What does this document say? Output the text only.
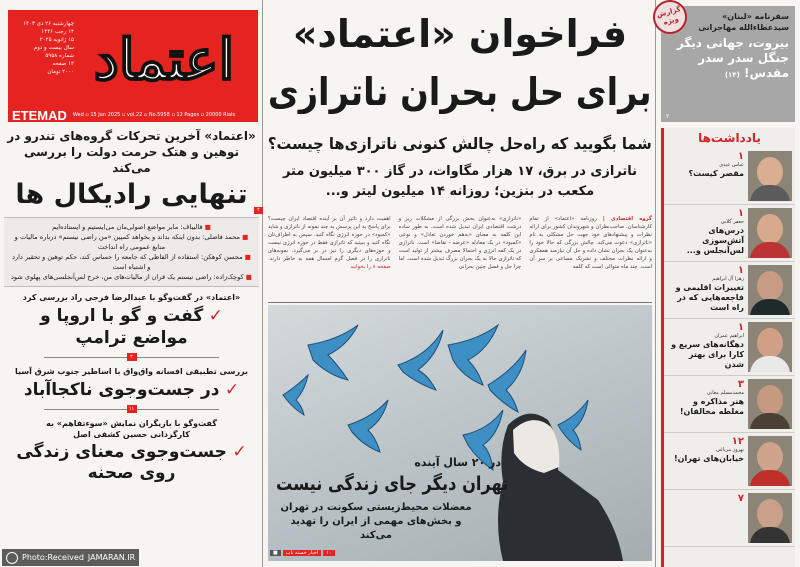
اعتماد
چهارشنبه ۲۶ دی ۱۴۰۳
۱۴ رجب ۱۴۴۶
۱۵ ژانویه ۲۰۲۵
سال بیست و دوم
شماره ۵۹۵۸
۱۲ صفحه
۲۰۰۰ تومان
ETEMAD Wed ▫ 15 Jan 2025 ▫ vol.22 ▫ No.5958 ▫ 12 Pages ▫ 20000 Rials
«اعتماد» آخرین تحرکات گروه‌های تندرو در توهین و هتک حرمت دولت را بررسی می‌کند
تنهایی رادیکال ها	۲
■ قالیباف: مابر مواضع اصولی‌مان می‌ایستیم و ایستاده‌ایم
■ محمد فاضلی: بدون اینکه بداند و بخواهد کمپین «من راضی نیستم» درباره مالیات و منابع عمومی را‌ه انداخت
■ محسن کوهکن: استفاده از الفاظی که جامعه را حساس کند، حکم توهین و تحقیر دارد و اشتباه است
■ کوچک‌زاده: راضی نیستم یک قران از مالیات‌های من، خرج لس‌آنجلسی‌های پهلوی شود
«اعتماد» در گفت‌وگو با عبدالرضا فرجی راد بررسی کرد
✓ گفت و گو با اروپا و مواضع ترامپ
۲
بررسی تطبیقی افسانه واق‌واق با اساطیر جنوب شرق آسیا
✓ در جست‌وجوی ناکجاآباد
۱۱
گفت‌وگو با بازیگران نمایش «سوءتفاهم» به کارگردانی حسین کشفی اصل
✓ جست‌وجوی معنای زندگی روی صحنه
فراخوان «اعتماد»
برای حل بحران ناترازی
شما بگویید که راه‌حل چالش کنونی ناترازی‌ها چیست؟
ناترازی در برق، ۱۷ هزار مگاوات، در گاز ۳۰۰ میلیون متر مکعب در بنزین؛ روزانه ۱۴ میلیون لیتر و...
گروه اقتصادی | روزنامه «اعتماد» از تمام کارشناسان، صاحب‌نظران و شهروندان کشور برای ارائه نظرات و پیشنهادهای خود جهت حل مشکلی به نام «ناترازی» دعوت می‌کند. چالش بزرگی که حالا خود را به‌عنوان یک بحران نشان داده و حل آن نیازمند همفکری و ارائه نظرات مختلف و تشریک مساعی بر سر آن است. چند ماه متوالی است که کلمه
«ناترازی» به‌عنوان بخش بزرگی از مشکلات ریز و درشت اقتصادی ایران تبدیل شده است. به طور ساده این کلمه به معنای «به‌هم خوردن تعادل» و نوعی «کمبود» در یک معادله «عرضه - تقاضا» است. ناترازی در یک کفه انرژی و احتمالا مصرف بیشتر از تولید است که ناترازی حالا به یک بحران بزرگ تبدیل شده است. اما چرا حل و فصل چنین بحرانی
اهمیت دارد و تاثیر آن بر آینده اقتصاد ایران چیست؟ برای پاسخ به این پرسش به چند نمونه از ناترازی و شاید «کمبود» در حوزه انرژی نگاه کنید. سپس به اطراف‌تان نگاه کنید و ببینید که ناترازی فقط در حوزه انرژی نیست و حوزه‌های دیگری را نیز در بر می‌گیرد. نمونه‌های ناترازی را در فصل گرم امسال همه به خاطر دارند. صفحه ۸ را بخوانید
در ۲۰ سال آینده
تهران دیگر جای زندگی نیست
معضلات محیط‌زیستی سکونت در تهران و بخش‌های مهمی از ایران را تهدید می‌کند
■	اخبار خسته تاب	۱۰
سفرنامه «لبنان»
سیدعطاءالله مهاجرانی
بیروت، جهانی دیگر جنگل سدر سدر مقدس! (۱۴)
۲
گزارش ویژه
یادداشت‌ها
۱
عباس عبدی
مقصر کیست؟
۱
جعفر گلابی
درس‌های آتش‌سوزی لس‌آنجلس و...
۱
زهرا آل ابراهیم
تغییرات اقلیمی و فاجعه‌هایی که در راه است
۱
ابراهیم عمران
دهگانه‌های سریع و کارا برای بهتر شدن
۳
محمدمسلم مغانی
هنر مذاکره و مغلطه مخالفان!
۱۲
بهروز مرباغی
خیابان‌های تهران!
۷
Photo:Received JAMARAN.IR
